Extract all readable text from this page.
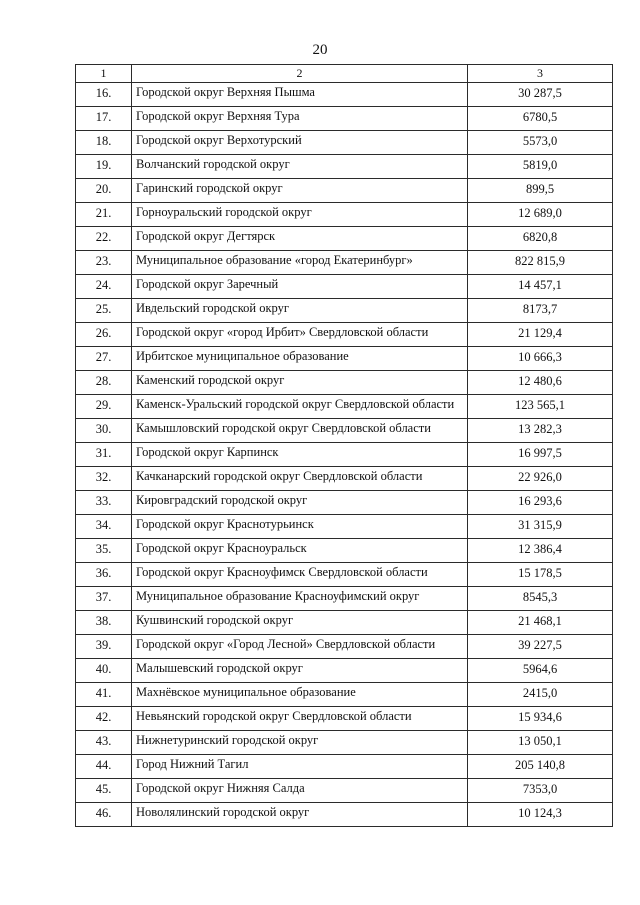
20
1	2	3
16.	Городской округ Верхняя Пышма	30 287,5
17.	Городской округ Верхняя Тура	6780,5
18.	Городской округ Верхотурский	5573,0
19.	Волчанский городской округ	5819,0
20.	Гаринский городской округ	899,5
21.	Горноуральский городской округ	12 689,0
22.	Городской округ Дегтярск	6820,8
23.	Муниципальное образование «город Екатеринбург»	822 815,9
24.	Городской округ Заречный	14 457,1
25.	Ивдельский городской округ	8173,7
26.	Городской округ «город Ирбит» Свердловской области	21 129,4
27.	Ирбитское муниципальное образование	10 666,3
28.	Каменский городской округ	12 480,6
29.	Каменск-Уральский городской округ Свердловской области	123 565,1
30.	Камышловский городской округ Свердловской области	13 282,3
31.	Городской округ Карпинск	16 997,5
32.	Качканарский городской округ Свердловской области	22 926,0
33.	Кировградский городской округ	16 293,6
34.	Городской округ Краснотурьинск	31 315,9
35.	Городской округ Красноуральск	12 386,4
36.	Городской округ Красноуфимск Свердловской области	15 178,5
37.	Муниципальное образование Красноуфимский округ	8545,3
38.	Кушвинский городской округ	21 468,1
39.	Городской округ «Город Лесной» Свердловской области	39 227,5
40.	Малышевский городской округ	5964,6
41.	Махнёвское муниципальное образование	2415,0
42.	Невьянский городской округ Свердловской области	15 934,6
43.	Нижнетуринский городской округ	13 050,1
44.	Город Нижний Тагил	205 140,8
45.	Городской округ Нижняя Салда	7353,0
46.	Новолялинский городской округ	10 124,3
